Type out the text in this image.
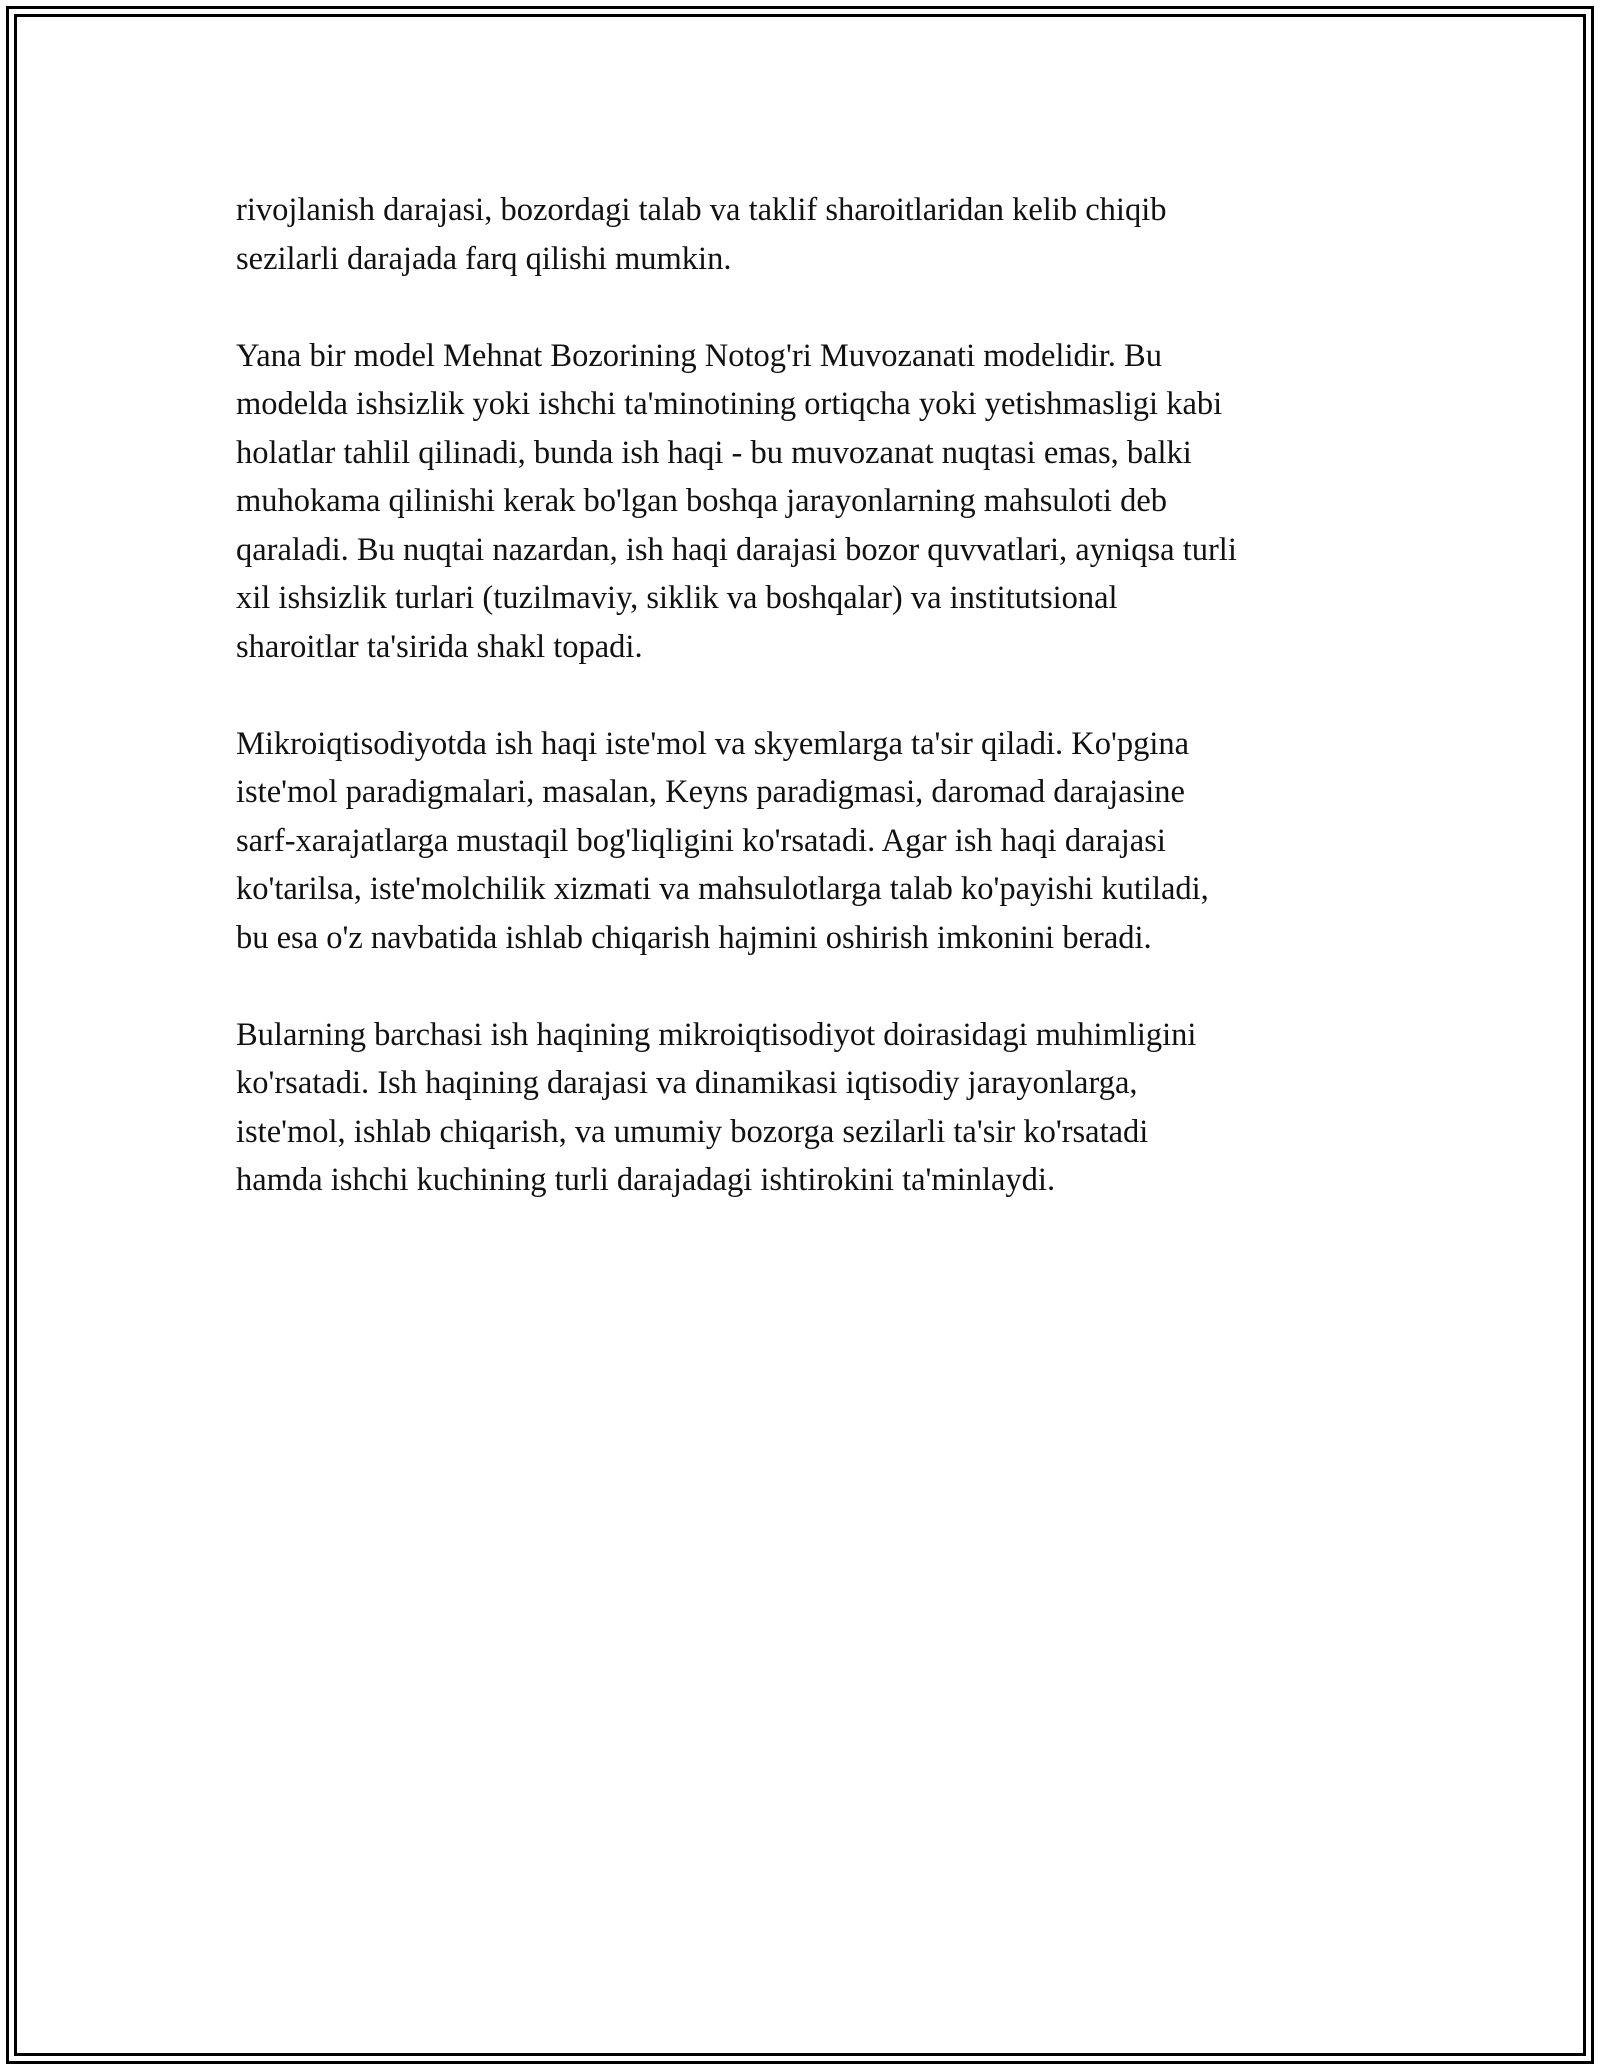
rivojlanish darajasi, bozordagi talab va taklif sharoitlaridan kelib chiqib
sezilarli darajada farq qilishi mumkin.

Yana bir model Mehnat Bozorining Notog'ri Muvozanati modelidir. Bu
modelda ishsizlik yoki ishchi ta'minotining ortiqcha yoki yetishmasligi kabi
holatlar tahlil qilinadi, bunda ish haqi - bu muvozanat nuqtasi emas, balki
muhokama qilinishi kerak bo'lgan boshqa jarayonlarning mahsuloti deb
qaraladi. Bu nuqtai nazardan, ish haqi darajasi bozor quvvatlari, ayniqsa turli
xil ishsizlik turlari (tuzilmaviy, siklik va boshqalar) va institutsional
sharoitlar ta'sirida shakl topadi.

Mikroiqtisodiyotda ish haqi iste'mol va skyemlarga ta'sir qiladi. Ko'pgina
iste'mol paradigmalari, masalan, Keyns paradigmasi, daromad darajasine
sarf-xarajatlarga mustaqil bog'liqligini ko'rsatadi. Agar ish haqi darajasi
ko'tarilsa, iste'molchilik xizmati va mahsulotlarga talab ko'payishi kutiladi,
bu esa o'z navbatida ishlab chiqarish hajmini oshirish imkonini beradi.

Bularning barchasi ish haqining mikroiqtisodiyot doirasidagi muhimligini
ko'rsatadi. Ish haqining darajasi va dinamikasi iqtisodiy jarayonlarga,
iste'mol, ishlab chiqarish, va umumiy bozorga sezilarli ta'sir ko'rsatadi
hamda ishchi kuchining turli darajadagi ishtirokini ta'minlaydi.
